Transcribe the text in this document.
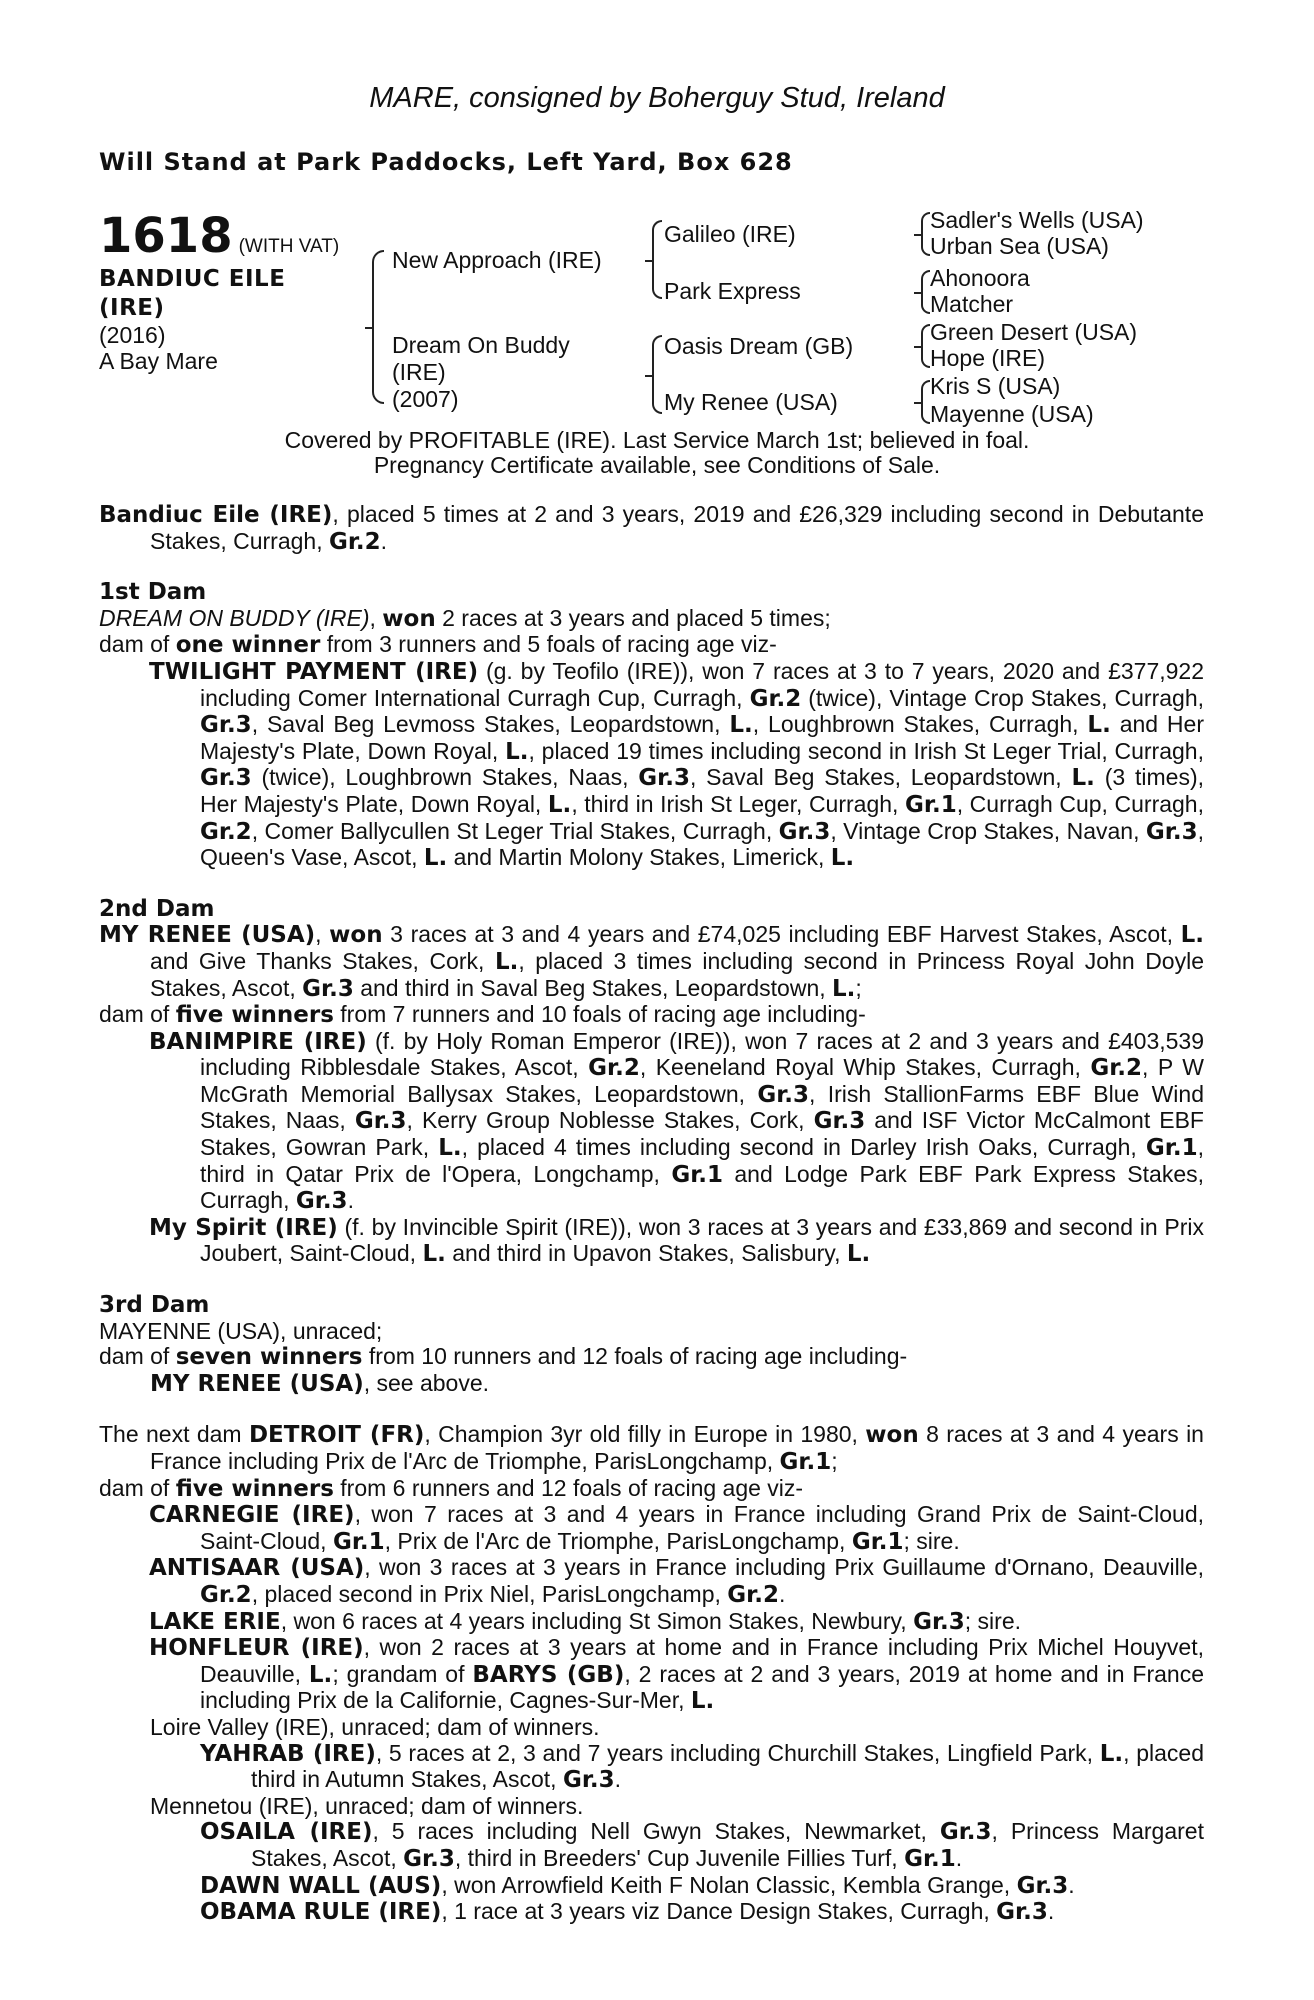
MARE, consigned by Boherguy Stud, Ireland
Will Stand at Park Paddocks, Left Yard, Box 628
1618 (WITH VAT)
BANDIUC EILE
(IRE)
(2016)
A Bay Mare
New Approach (IRE)
Dream On Buddy
(IRE)
(2007)
Galileo (IRE)
Park Express
Oasis Dream (GB)
My Renee (USA)
Sadler's Wells (USA)
Urban Sea (USA)
Ahonoora
Matcher
Green Desert (USA)
Hope (IRE)
Kris S (USA)
Mayenne (USA)
Covered by PROFITABLE (IRE). Last Service March 1st; believed in foal.
Pregnancy Certificate available, see Conditions of Sale.

Bandiuc Eile (IRE), placed 5 times at 2 and 3 years, 2019 and £26,329 including second in Debutante Stakes, Curragh, Gr.2.

1st Dam

DREAM ON BUDDY (IRE), won 2 races at 3 years and placed 5 times;

dam of one winner from 3 runners and 5 foals of racing age viz-

TWILIGHT PAYMENT (IRE) (g. by Teofilo (IRE)), won 7 races at 3 to 7 years, 2020 and £377,922 including Comer International Curragh Cup, Curragh, Gr.2 (twice), Vintage Crop Stakes, Curragh, Gr.3, Saval Beg Levmoss Stakes, Leopardstown, L., Loughbrown Stakes, Curragh, L. and Her Majesty's Plate, Down Royal, L., placed 19 times including second in Irish St Leger Trial, Curragh, Gr.3 (twice), Loughbrown Stakes, Naas, Gr.3, Saval Beg Stakes, Leopardstown, L. (3 times), Her Majesty's Plate, Down Royal, L., third in Irish St Leger, Curragh, Gr.1, Curragh Cup, Curragh, Gr.2, Comer Ballycullen St Leger Trial Stakes, Curragh, Gr.3, Vintage Crop Stakes, Navan, Gr.3, Queen's Vase, Ascot, L. and Martin Molony Stakes, Limerick, L.

2nd Dam

MY RENEE (USA), won 3 races at 3 and 4 years and £74,025 including EBF Harvest Stakes, Ascot, L. and Give Thanks Stakes, Cork, L., placed 3 times including second in Princess Royal John Doyle Stakes, Ascot, Gr.3 and third in Saval Beg Stakes, Leopardstown, L.;

dam of five winners from 7 runners and 10 foals of racing age including-

BANIMPIRE (IRE) (f. by Holy Roman Emperor (IRE)), won 7 races at 2 and 3 years and £403,539 including Ribblesdale Stakes, Ascot, Gr.2, Keeneland Royal Whip Stakes, Curragh, Gr.2, P W McGrath Memorial Ballysax Stakes, Leopardstown, Gr.3, Irish StallionFarms EBF Blue Wind Stakes, Naas, Gr.3, Kerry Group Noblesse Stakes, Cork, Gr.3 and ISF Victor McCalmont EBF Stakes, Gowran Park, L., placed 4 times including second in Darley Irish Oaks, Curragh, Gr.1, third in Qatar Prix de l'Opera, Longchamp, Gr.1 and Lodge Park EBF Park Express Stakes, Curragh, Gr.3.

My Spirit (IRE) (f. by Invincible Spirit (IRE)), won 3 races at 3 years and £33,869 and second in Prix Joubert, Saint-Cloud, L. and third in Upavon Stakes, Salisbury, L.

3rd Dam

MAYENNE (USA), unraced;

dam of seven winners from 10 runners and 12 foals of racing age including-

MY RENEE (USA), see above.

The next dam DETROIT (FR), Champion 3yr old filly in Europe in 1980, won 8 races at 3 and 4 years in France including Prix de l'Arc de Triomphe, ParisLongchamp, Gr.1;

dam of five winners from 6 runners and 12 foals of racing age viz-

CARNEGIE (IRE), won 7 races at 3 and 4 years in France including Grand Prix de Saint-Cloud, Saint-Cloud, Gr.1, Prix de l'Arc de Triomphe, ParisLongchamp, Gr.1; sire.

ANTISAAR (USA), won 3 races at 3 years in France including Prix Guillaume d'Ornano, Deauville, Gr.2, placed second in Prix Niel, ParisLongchamp, Gr.2.

LAKE ERIE, won 6 races at 4 years including St Simon Stakes, Newbury, Gr.3; sire.

HONFLEUR (IRE), won 2 races at 3 years at home and in France including Prix Michel Houyvet, Deauville, L.; grandam of BARYS (GB), 2 races at 2 and 3 years, 2019 at home and in France including Prix de la Californie, Cagnes-Sur-Mer, L.

Loire Valley (IRE), unraced; dam of winners.

YAHRAB (IRE), 5 races at 2, 3 and 7 years including Churchill Stakes, Lingfield Park, L., placed third in Autumn Stakes, Ascot, Gr.3.

Mennetou (IRE), unraced; dam of winners.

OSAILA (IRE), 5 races including Nell Gwyn Stakes, Newmarket, Gr.3, Princess Margaret Stakes, Ascot, Gr.3, third in Breeders' Cup Juvenile Fillies Turf, Gr.1.

DAWN WALL (AUS), won Arrowfield Keith F Nolan Classic, Kembla Grange, Gr.3.

OBAMA RULE (IRE), 1 race at 3 years viz Dance Design Stakes, Curragh, Gr.3.
